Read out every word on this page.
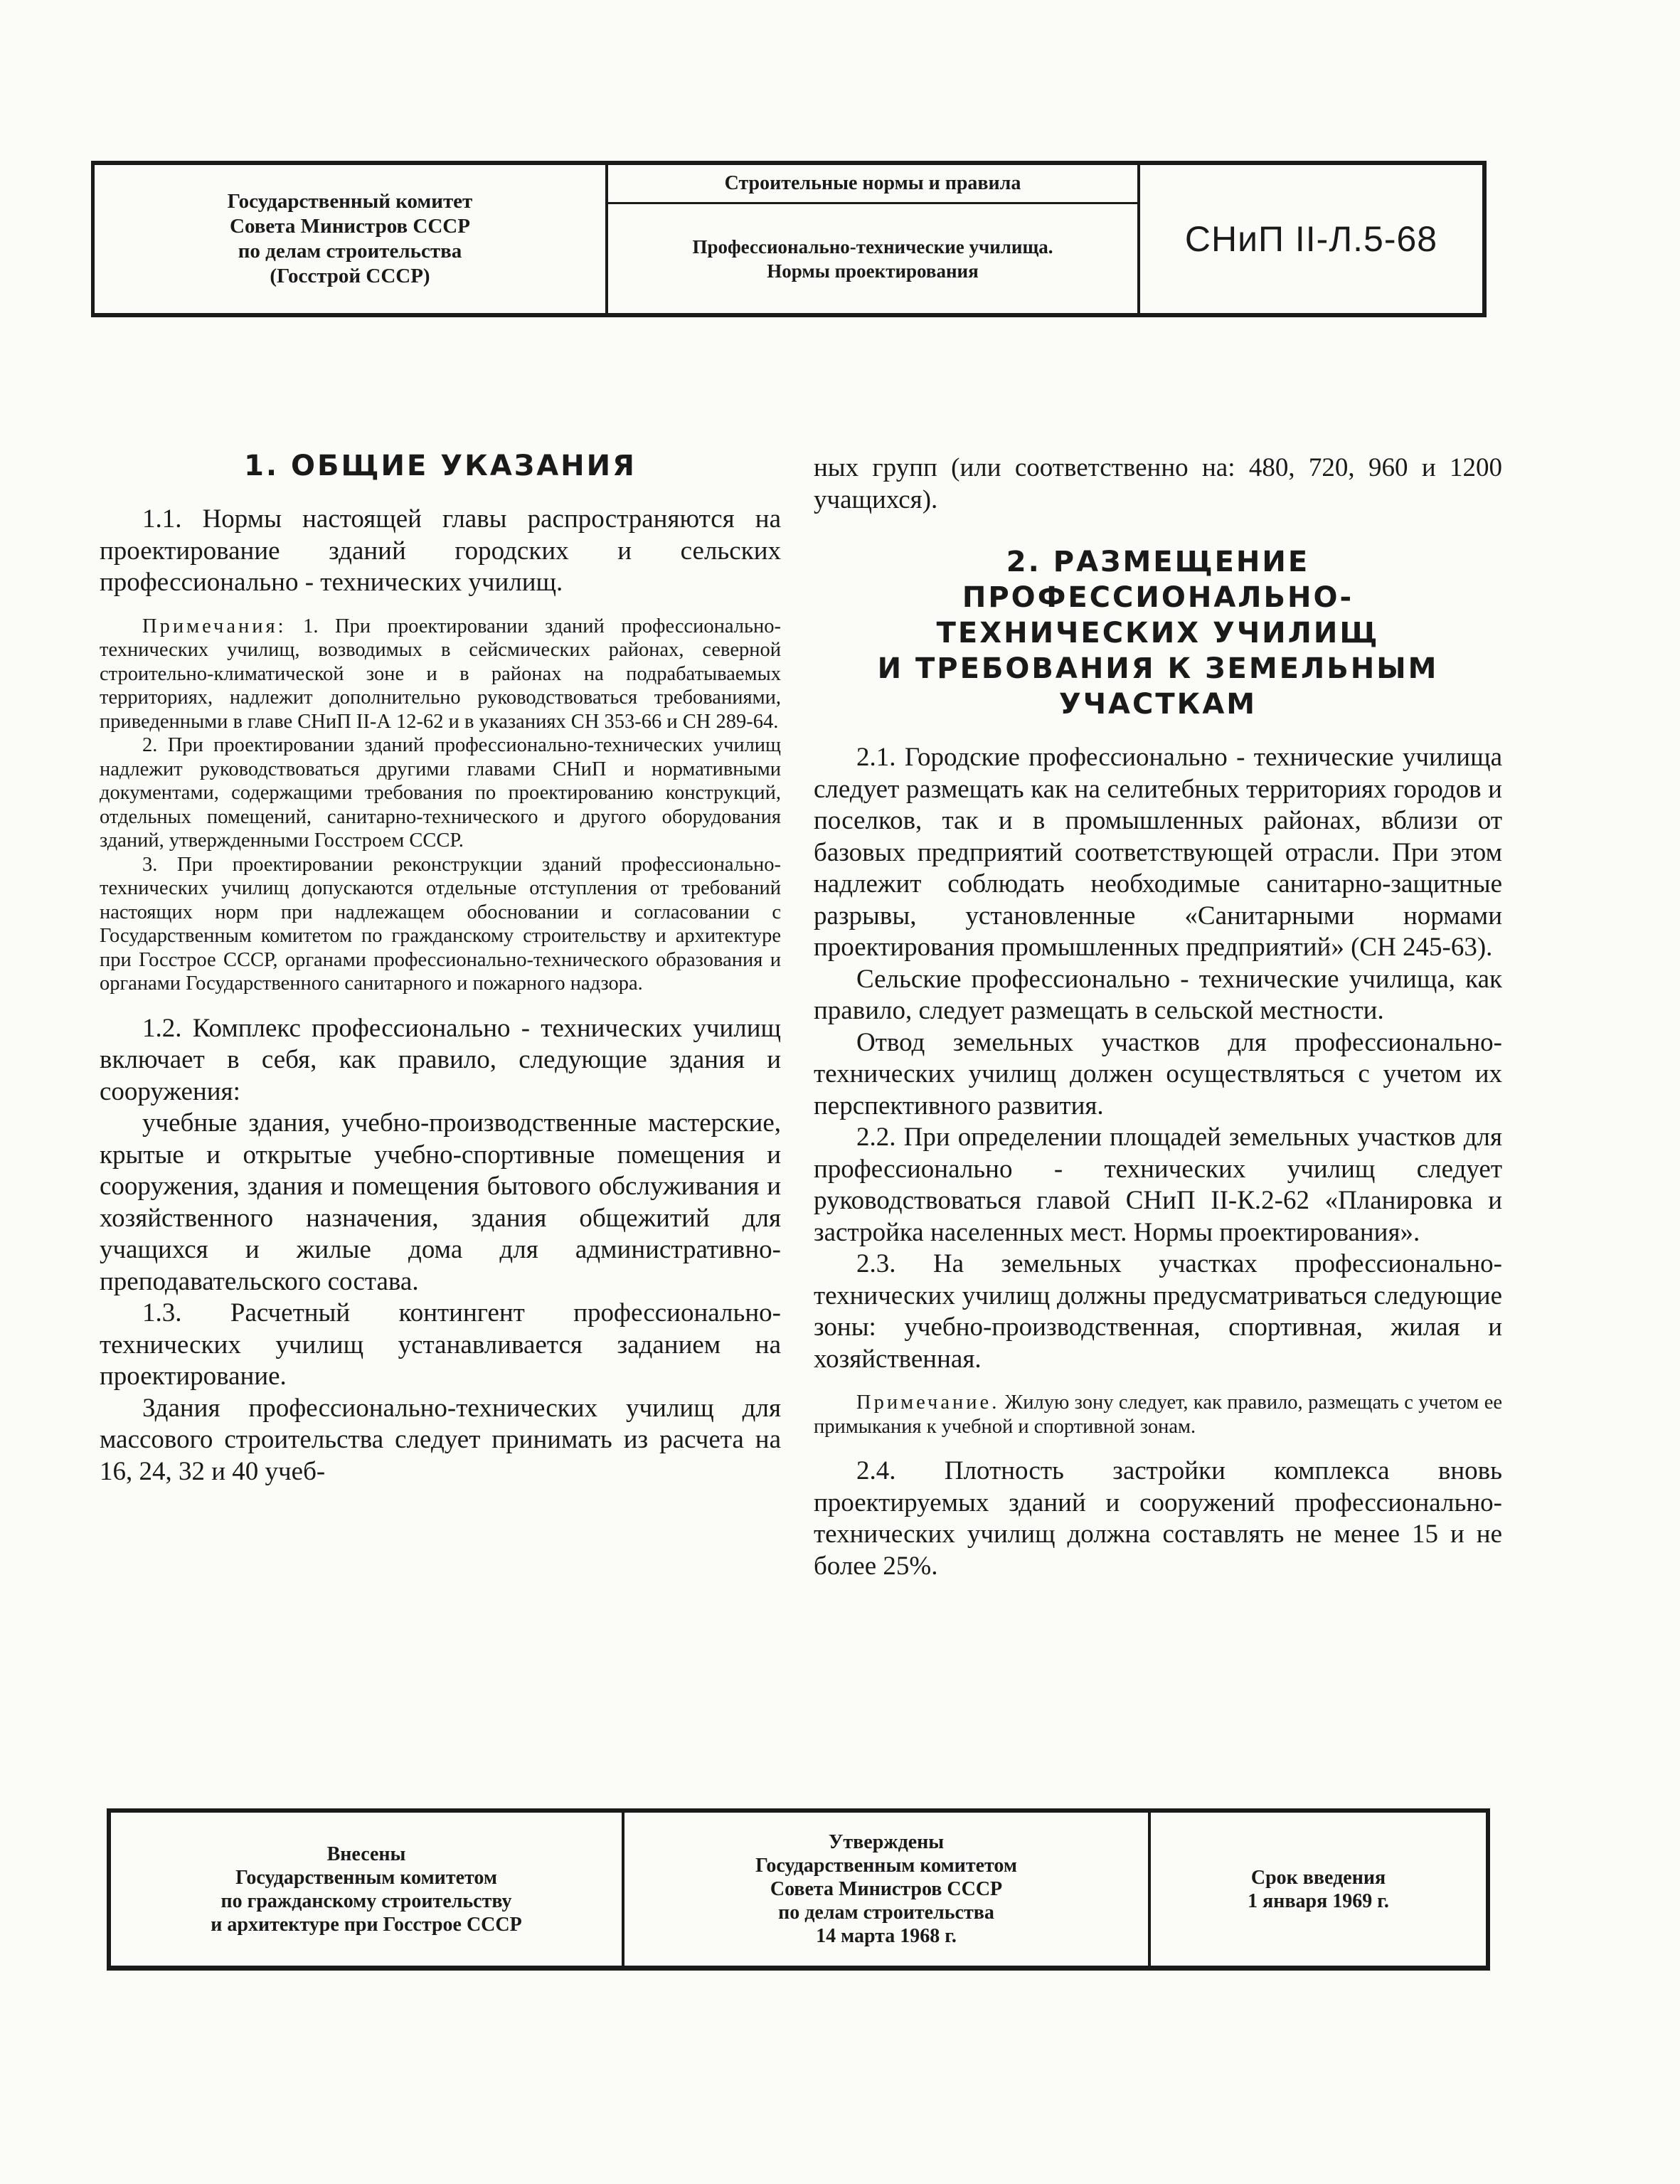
Государственный комитет
Совета Министров СССР
по делам строительства
(Госстрой СССР)
Строительные нормы и правила
Профессионально-технические училища.
Нормы проектирования
СНиП II-Л.5-68
1. ОБЩИЕ УКАЗАНИЯ

1.1. Нормы настоящей главы распространяются на проектирование зданий городских и сельских профессионально - технических училищ.

Примечания: 1. При проектировании зданий профессионально-технических училищ, возводимых в сейсмических районах, северной строительно-климатической зоне и в районах на подрабатываемых территориях, надлежит дополнительно руководствоваться требованиями, приведенными в главе СНиП II-А 12-62 и в указаниях СН 353-66 и СН 289-64.

2. При проектировании зданий профессионально-технических училищ надлежит руководствоваться другими главами СНиП и нормативными документами, содержащими требования по проектированию конструкций, отдельных помещений, санитарно-технического и другого оборудования зданий, утвержденными Госстроем СССР.

3. При проектировании реконструкции зданий профессионально-технических училищ допускаются отдельные отступления от требований настоящих норм при надлежащем обосновании и согласовании с Государственным комитетом по гражданскому строительству и архитектуре при Госстрое СССР, органами профессионально-технического образования и органами Государственного санитарного и пожарного надзора.

1.2. Комплекс профессионально - технических училищ включает в себя, как правило, следующие здания и сооружения:

учебные здания, учебно-производственные мастерские, крытые и открытые учебно-спортивные помещения и сооружения, здания и помещения бытового обслуживания и хозяйственного назначения, здания общежитий для учащихся и жилые дома для административно-преподавательского состава.

1.3. Расчетный контингент профессионально-технических училищ устанавливается заданием на проектирование.

Здания профессионально-технических училищ для массового строительства следует принимать из расчета на 16, 24, 32 и 40 учеб-

ных групп (или соответственно на: 480, 720, 960 и 1200 учащихся).

2. РАЗМЕЩЕНИЕ ПРОФЕССИОНАЛЬНО-
ТЕХНИЧЕСКИХ УЧИЛИЩ
И ТРЕБОВАНИЯ К ЗЕМЕЛЬНЫМ
УЧАСТКАМ

2.1. Городские профессионально - технические училища следует размещать как на селитебных территориях городов и поселков, так и в промышленных районах, вблизи от базовых предприятий соответствующей отрасли. При этом надлежит соблюдать необходимые санитарно-защитные разрывы, установленные «Санитарными нормами проектирования промышленных предприятий» (СН 245-63).

Сельские профессионально - технические училища, как правило, следует размещать в сельской местности.

Отвод земельных участков для профессионально-технических училищ должен осуществляться с учетом их перспективного развития.

2.2. При определении площадей земельных участков для профессионально - технических училищ следует руководствоваться главой СНиП II-К.2-62 «Планировка и застройка населенных мест. Нормы проектирования».

2.3. На земельных участках профессионально-технических училищ должны предусматриваться следующие зоны: учебно-производственная, спортивная, жилая и хозяйственная.

Примечание. Жилую зону следует, как правило, размещать с учетом ее примыкания к учебной и спортивной зонам.

2.4. Плотность застройки комплекса вновь проектируемых зданий и сооружений профессионально-технических училищ должна составлять не менее 15 и не более 25%.

Внесены
Государственным комитетом
по гражданскому строительству
и архитектуре при Госстрое СССР
Утверждены
Государственным комитетом
Совета Министров СССР
по делам строительства
14 марта 1968 г.
Срок введения
1 января 1969 г.
